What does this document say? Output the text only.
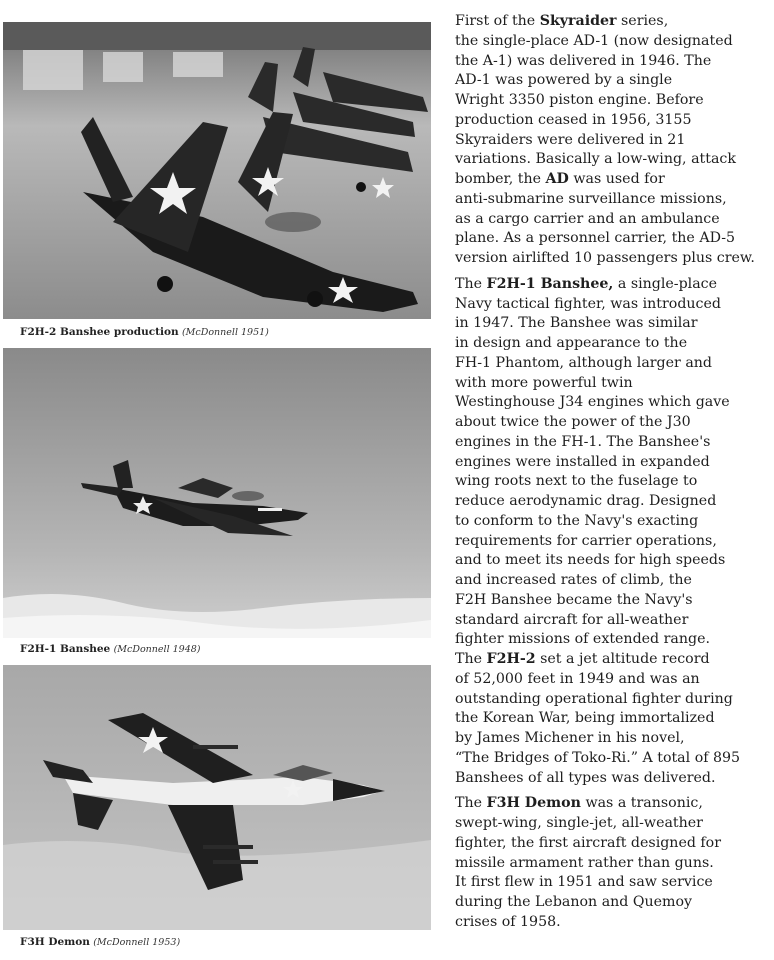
F2H-2 Banshee production (McDonnell 1951)
F2H-1 Banshee (McDonnell 1948)
F3H Demon (McDonnell 1953)
First of the Skyraider series,
the single-place AD-1 (now designated
the A-1) was delivered in 1946. The
AD-1 was powered by a single
Wright 3350 piston engine. Before
production ceased in 1956, 3155
Skyraiders were delivered in 21
variations. Basically a low-wing, attack
bomber, the AD was used for
anti-submarine surveillance missions,
as a cargo carrier and an ambulance
plane. As a personnel carrier, the AD-5
version airlifted 10 passengers plus crew.
The F2H-1 Banshee, a single-place
Navy tactical fighter, was introduced
in 1947. The Banshee was similar
in design and appearance to the
FH-1 Phantom, although larger and
with more powerful twin
Westinghouse J34 engines which gave
about twice the power of the J30
engines in the FH-1. The Banshee's
engines were installed in expanded
wing roots next to the fuselage to
reduce aerodynamic drag. Designed
to conform to the Navy's exacting
requirements for carrier operations,
and to meet its needs for high speeds
and increased rates of climb, the
F2H Banshee became the Navy's
standard aircraft for all-weather
fighter missions of extended range.
The F2H-2 set a jet altitude record
of 52,000 feet in 1949 and was an
outstanding operational fighter during
the Korean War, being immortalized
by James Michener in his novel,
“The Bridges of Toko-Ri.” A total of 895
Banshees of all types was delivered.
The F3H Demon was a transonic,
swept-wing, single-jet, all-weather
fighter, the first aircraft designed for
missile armament rather than guns.
It first flew in 1951 and saw service
during the Lebanon and Quemoy
crises of 1958.
